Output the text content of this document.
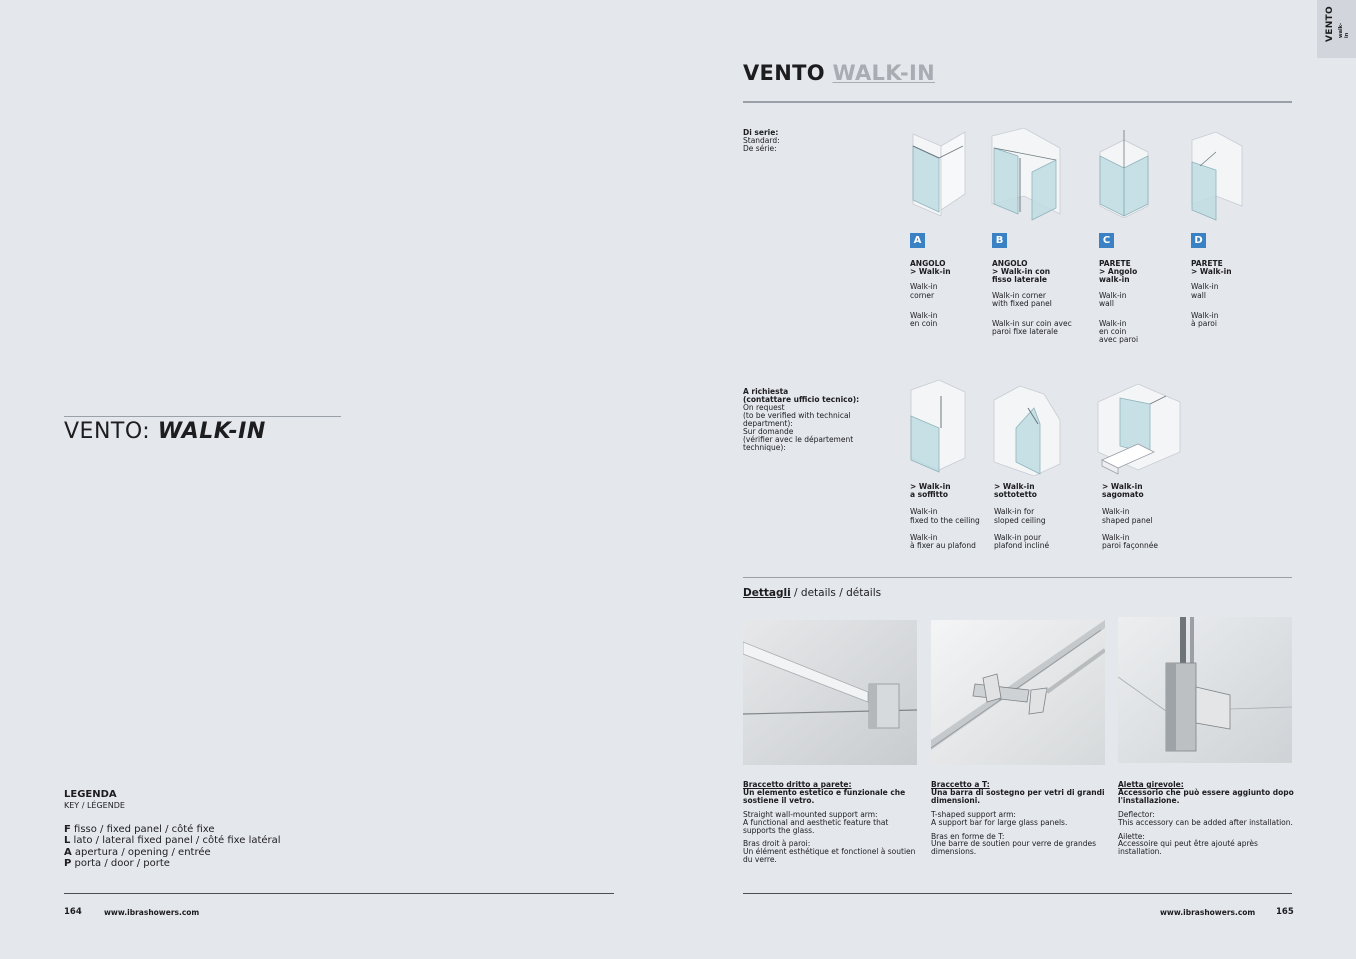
VENTO walk-in
VENTO: WALK-IN
LEGENDA
KEY / LÉGENDE
F fisso / fixed panel / côté fixe
L lato / lateral fixed panel / côté fixe latéral
A apertura / opening / entrée
P porta / door / porte
164	www.ibrashowers.com
VENTO WALK-IN
Di serie:
Standard:
De série:
A	B	C	D
ANGOLO
> Walk-in
Walk-in
corner
Walk-in
en coin
ANGOLO
> Walk-in con fisso laterale
Walk-in corner
with fixed panel
Walk-in sur coin avec
paroi fixe laterale
PARETE
> Angolo walk-in
Walk-in
wall
Walk-in
en coin
avec paroi
PARETE
> Walk-in
Walk-in
wall
Walk-in
à paroi
A richiesta
(contattare ufficio tecnico):
On request
(to be verified with technical
department):
Sur domande
(vérifier avec le département
technique):
> Walk-in
a soffitto
Walk-in
fixed to the ceiling
Walk-in
à fixer au plafond
> Walk-in
sottotetto
Walk-in for
sloped ceiling
Walk-in pour
plafond incliné
> Walk-in
sagomato
Walk-in
shaped panel
Walk-in
paroi façonnée
Dettagli / details / détails
Braccetto dritto a parete:
Un elemento estetico e funzionale che sostiene il vetro.

Straight wall-mounted support arm:
A functional and aesthetic feature that supports the glass.

Bras droit à paroi:
Un élément esthétique et fonctionel à soutien du verre.

Braccetto a T:
Una barra di sostegno per vetri di grandi dimensioni.

T-shaped support arm:
A support bar for large glass panels.

Bras en forme de T:
Une barre de soutien pour verre de grandes dimensions.

Aletta girevole:
Accessorio che può essere aggiunto dopo l'installazione.

Deflector:
This accessory can be added after installation.

Ailette:
Accessoire qui peut être ajouté après installation.

www.ibrashowers.com 165
